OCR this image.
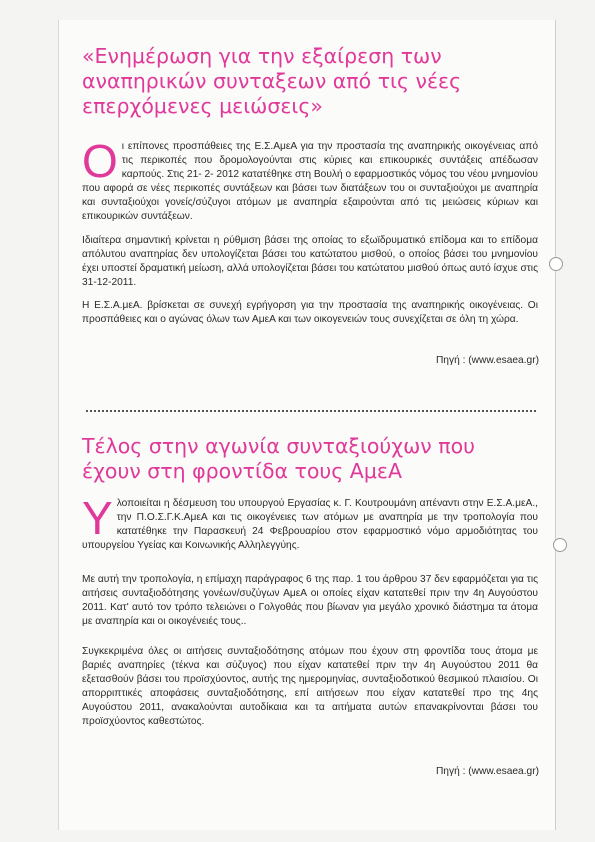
«Ενημέρωση για την εξαίρεση των αναπηρικών συνταξεων από τις νέες επερχόμενες μειώσεις»

Οι επίπονες προσπάθειες της Ε.Σ.ΑμεΑ για την προστασία της αναπηρικής οικογένειας από τις περικοπές που δρομολογούνται στις κύριες και επικουρικές συντάξεις απέδωσαν καρπούς. Στις 21- 2- 2012 κατατέθηκε στη Βουλή ο εφαρμοστικός νόμος του νέου μνημονίου που αφορά σε νέες περικοπές συντάξεων και βάσει των διατάξεων του οι συνταξιούχοι με αναπηρία και συνταξιούχοι γονείς/σύζυγοι ατόμων με αναπηρία εξαιρούνται από τις μειώσεις κύριων και επικουρικών συντάξεων.

Ιδιαίτερα σημαντική κρίνεται η ρύθμιση βάσει της οποίας το εξωϊδρυματικό επίδομα και το επίδομα απόλυτου αναπηρίας δεν υπολογίζεται βάσει του κατώτατου μισθού, ο οποίος βάσει του μνημονίου έχει υποστεί δραματική μείωση, αλλά υπολογίζεται βάσει του κατώτατου μισθού όπως αυτό ίσχυε στις 31-12-2011.

Η Ε.Σ.Α.μεΑ. βρίσκεται σε συνεχή εγρήγορση για την προστασία της αναπηρικής οικογένειας. Οι προσπάθειες και ο αγώνας όλων των ΑμεΑ και των οικογενειών τους συνεχίζεται σε όλη τη χώρα.

Πηγή : (www.esaea.gr)
Τέλος στην αγωνία συνταξιούχων που έχουν στη φροντίδα τους ΑμεΑ

Υλοποιείται η δέσμευση του υπουργού Εργασίας κ. Γ. Κουτρουμάνη απέναντι στην Ε.Σ.Α.μεΑ., την Π.Ο.Σ.Γ.Κ.ΑμεΑ και τις οικογένειες των ατόμων με αναπηρία με την τροπολογία που κατατέθηκε την Παρασκευή 24 Φεβρουαρίου στον εφαρμοστικό νόμο αρμοδιότητας του υπουργείου Υγείας και Κοινωνικής Αλληλεγγύης.

Με αυτή την τροπολογία, η επίμαχη παράγραφος 6 της παρ. 1 του άρθρου 37 δεν εφαρμόζεται για τις αιτήσεις συνταξιοδότησης γονέων/συζύγων ΑμεΑ οι οποίες είχαν κατατεθεί πριν την 4η Αυγούστου 2011. Κατ' αυτό τον τρόπο τελειώνει ο Γολγοθάς που βίωναν για μεγάλο χρονικό διάστημα τα άτομα με αναπηρία και οι οικογένειές τους..

Συγκεκριμένα όλες οι αιτήσεις συνταξιοδότησης ατόμων που έχουν στη φροντίδα τους άτομα με βαριές αναπηρίες (τέκνα και σύζυγος) που είχαν κατατεθεί πριν την 4η Αυγούστου 2011 θα εξετασθούν βάσει του προϊσχύοντος, αυτής της ημερομηνίας, συνταξιοδοτικού θεσμικού πλαισίου. Οι απορριπτικές αποφάσεις συνταξιοδότησης, επί αιτήσεων που είχαν κατατεθεί προ της 4ης Αυγούστου 2011, ανακαλούνται αυτοδίκαια και τα αιτήματα αυτών επανακρίνονται βάσει του προϊσχύοντος καθεστώτος.

Πηγή : (www.esaea.gr)
